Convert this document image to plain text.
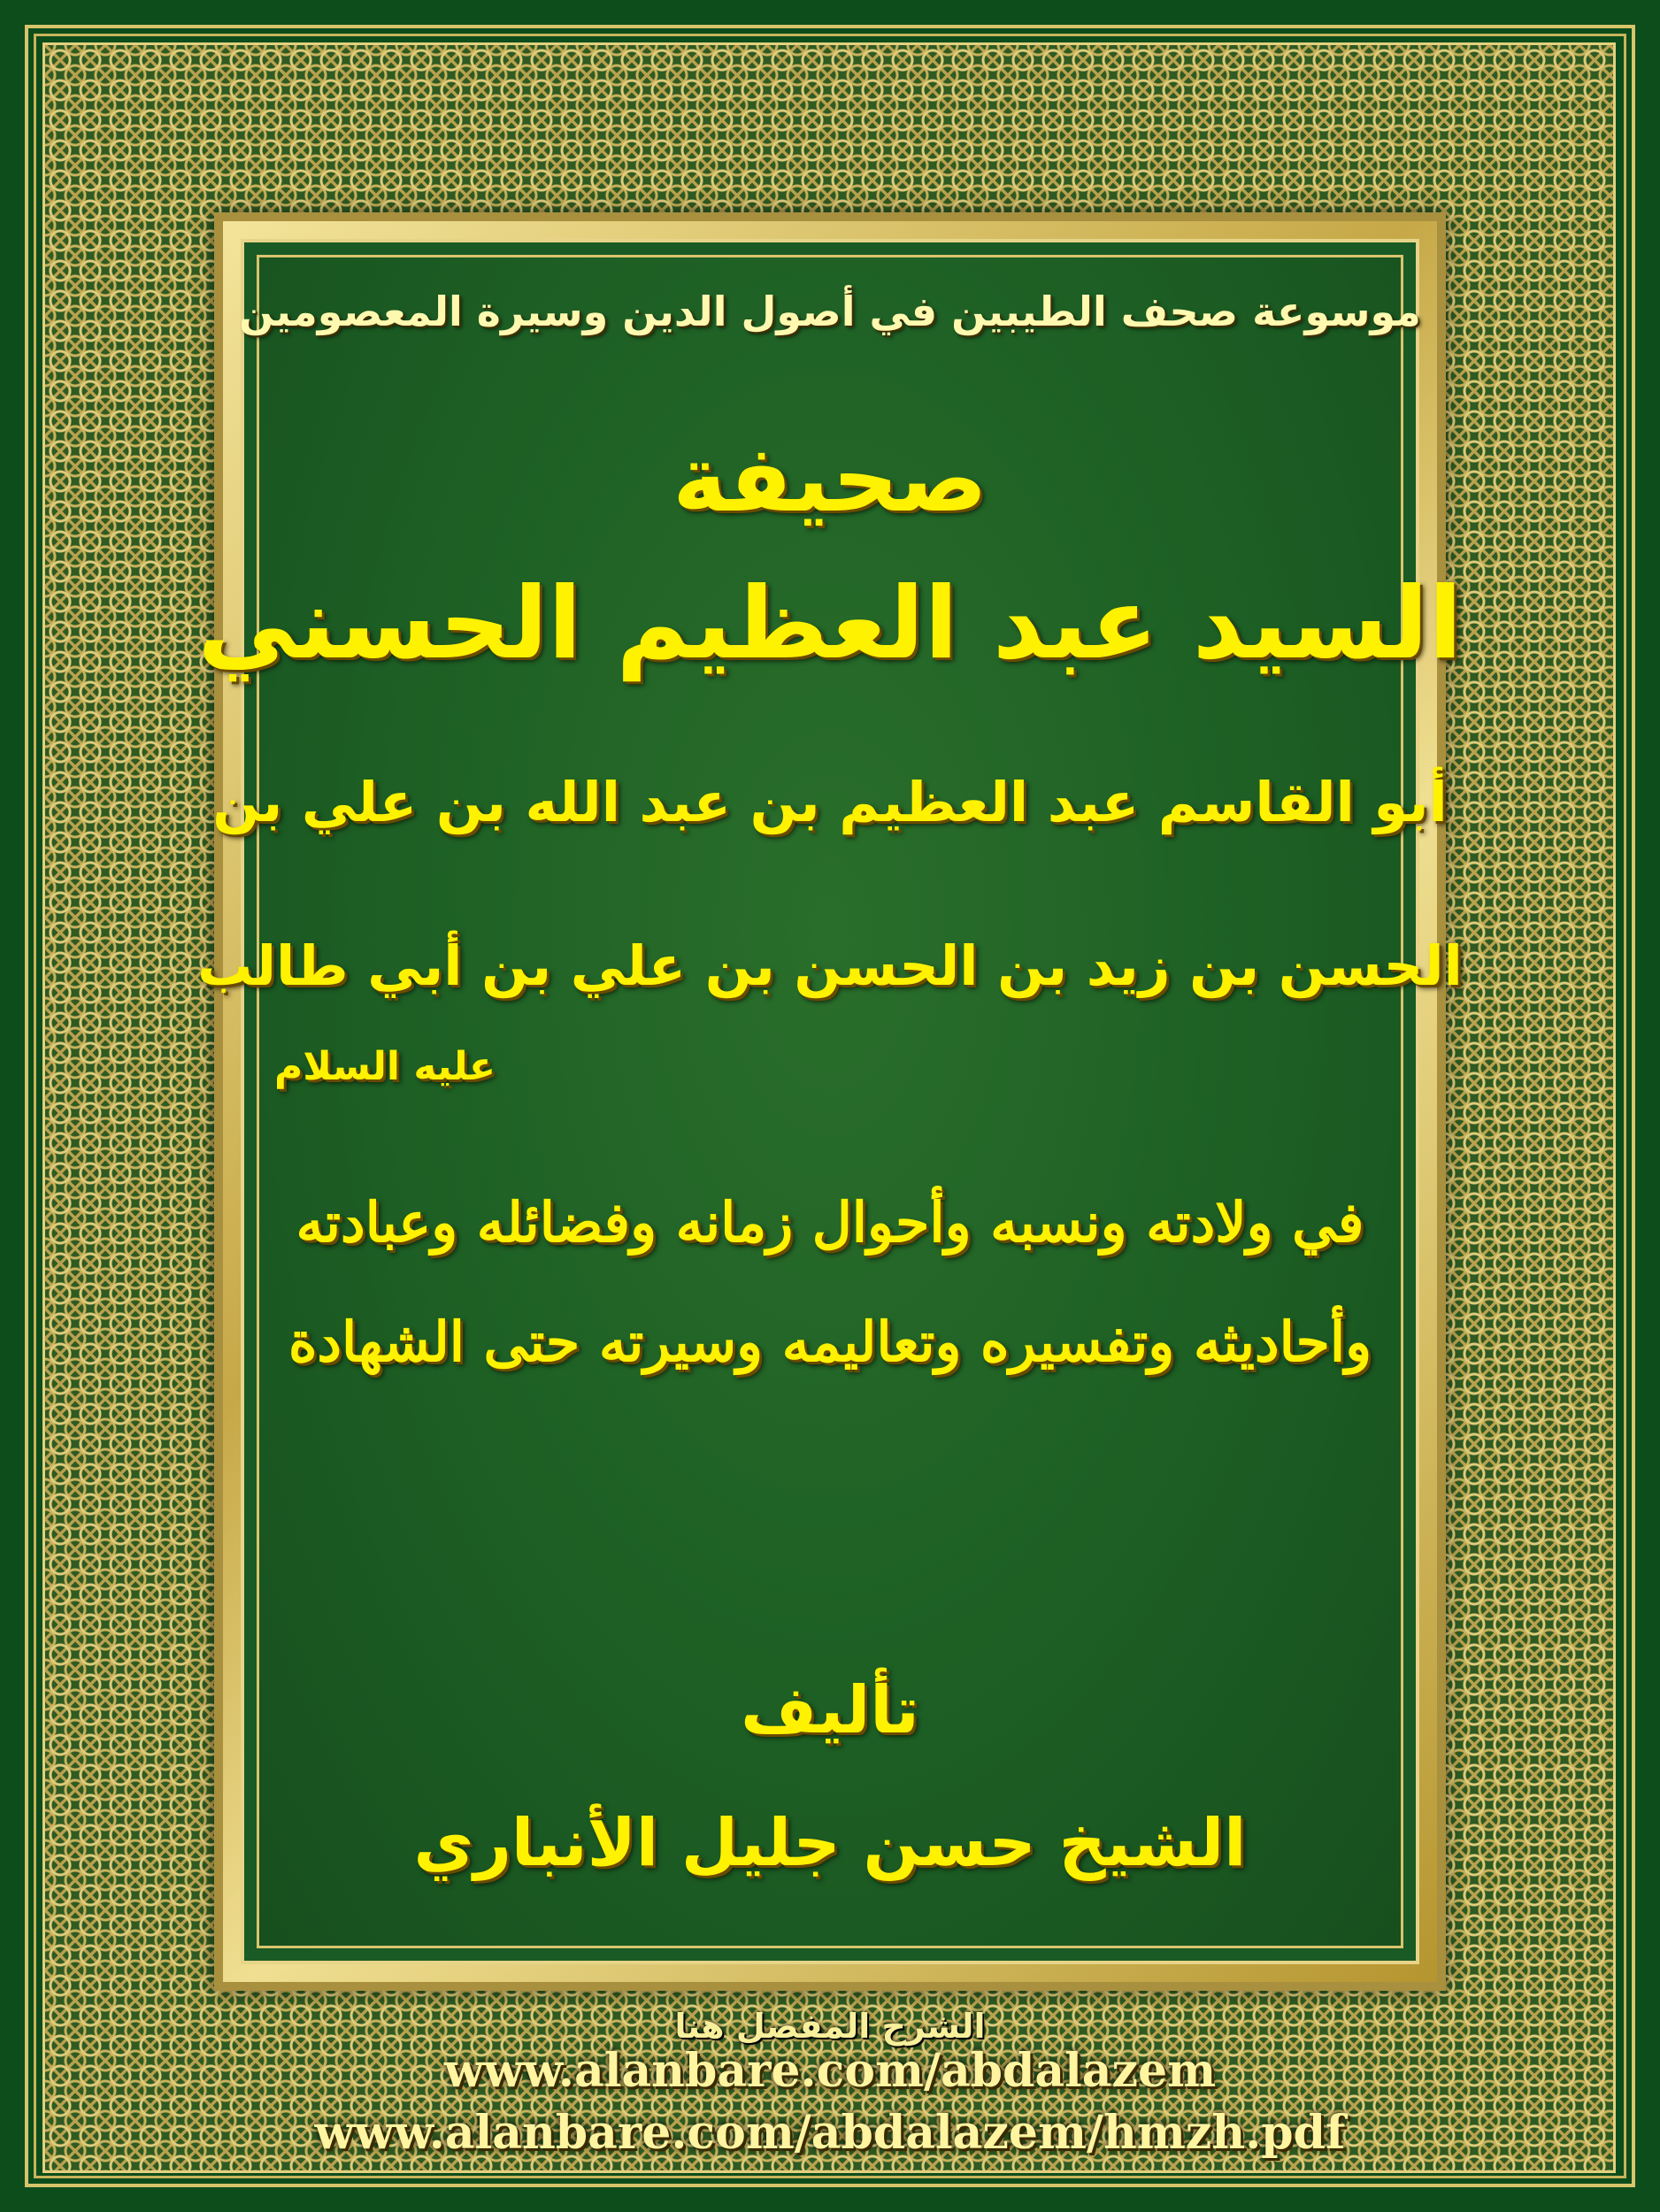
موسوعة صحف الطيبين في أصول الدين وسيرة المعصومين
صحيفة
السيد عبد العظيم الحسني
أبو القاسم عبد العظيم بن عبد الله بن علي بن
الحسن بن زيد بن الحسن بن علي بن أبي طالب
عليه السلام
في ولادته ونسبه وأحوال زمانه وفضائله وعبادته
وأحاديثه وتفسيره وتعاليمه وسيرته حتى الشهادة
تأليف
الشيخ حسن جليل الأنباري
الشرح المفصل هنا
www.alanbare.com/abdalazem
www.alanbare.com/abdalazem/hmzh.pdf
